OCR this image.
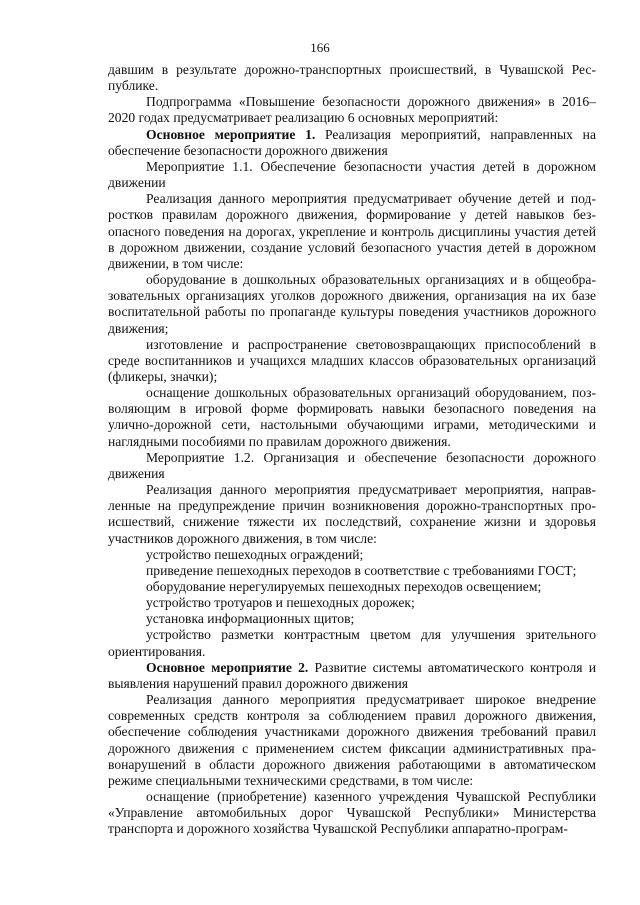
166

давшим в результате дорожно-транспортных происшествий, в Чувашской Республике.

Подпрограмма «Повышение безопасности дорожного движения» в 2016–2020 годах предусматривает реализацию 6 основных мероприятий:

Основное мероприятие 1. Реализация мероприятий, направленных на обеспечение безопасности дорожного движения

Мероприятие 1.1. Обеспечение безопасности участия детей в дорожном движении

Реализация данного мероприятия предусматривает обучение детей и подростков правилам дорожного движения, формирование у детей навыков безопасного поведения на дорогах, укрепление и контроль дисциплины участия детей в дорожном движении, создание условий безопасного участия детей в дорожном движении, в том числе:

оборудование в дошкольных образовательных организациях и в общеобразовательных организациях уголков дорожного движения, организация на их базе воспитательной работы по пропаганде культуры поведения участников дорожного движения;

изготовление и распространение световозвращающих приспособлений в среде воспитанников и учащихся младших классов образовательных организаций (фликеры, значки);

оснащение дошкольных образовательных организаций оборудованием, позволяющим в игровой форме формировать навыки безопасного поведения на улично-дорожной сети, настольными обучающими играми, методическими и наглядными пособиями по правилам дорожного движения.

Мероприятие 1.2. Организация и обеспечение безопасности дорожного движения

Реализация данного мероприятия предусматривает мероприятия, направленные на предупреждение причин возникновения дорожно-транспортных происшествий, снижение тяжести их последствий, сохранение жизни и здоровья участников дорожного движения, в том числе:

устройство пешеходных ограждений;

приведение пешеходных переходов в соответствие с требованиями ГОСТ;

оборудование нерегулируемых пешеходных переходов освещением;

устройство тротуаров и пешеходных дорожек;

установка информационных щитов;

устройство разметки контрастным цветом для улучшения зрительного ориентирования.

Основное мероприятие 2. Развитие системы автоматического контроля и выявления нарушений правил дорожного движения

Реализация данного мероприятия предусматривает широкое внедрение современных средств контроля за соблюдением правил дорожного движения, обеспечение соблюдения участниками дорожного движения требований правил дорожного движения с применением систем фиксации административных правонарушений в области дорожного движения работающими в автоматическом режиме специальными техническими средствами, в том числе:

оснащение (приобретение) казенного учреждения Чувашской Республики «Управление автомобильных дорог Чувашской Республики» Министерства транспорта и дорожного хозяйства Чувашской Республики аппаратно-програм-
